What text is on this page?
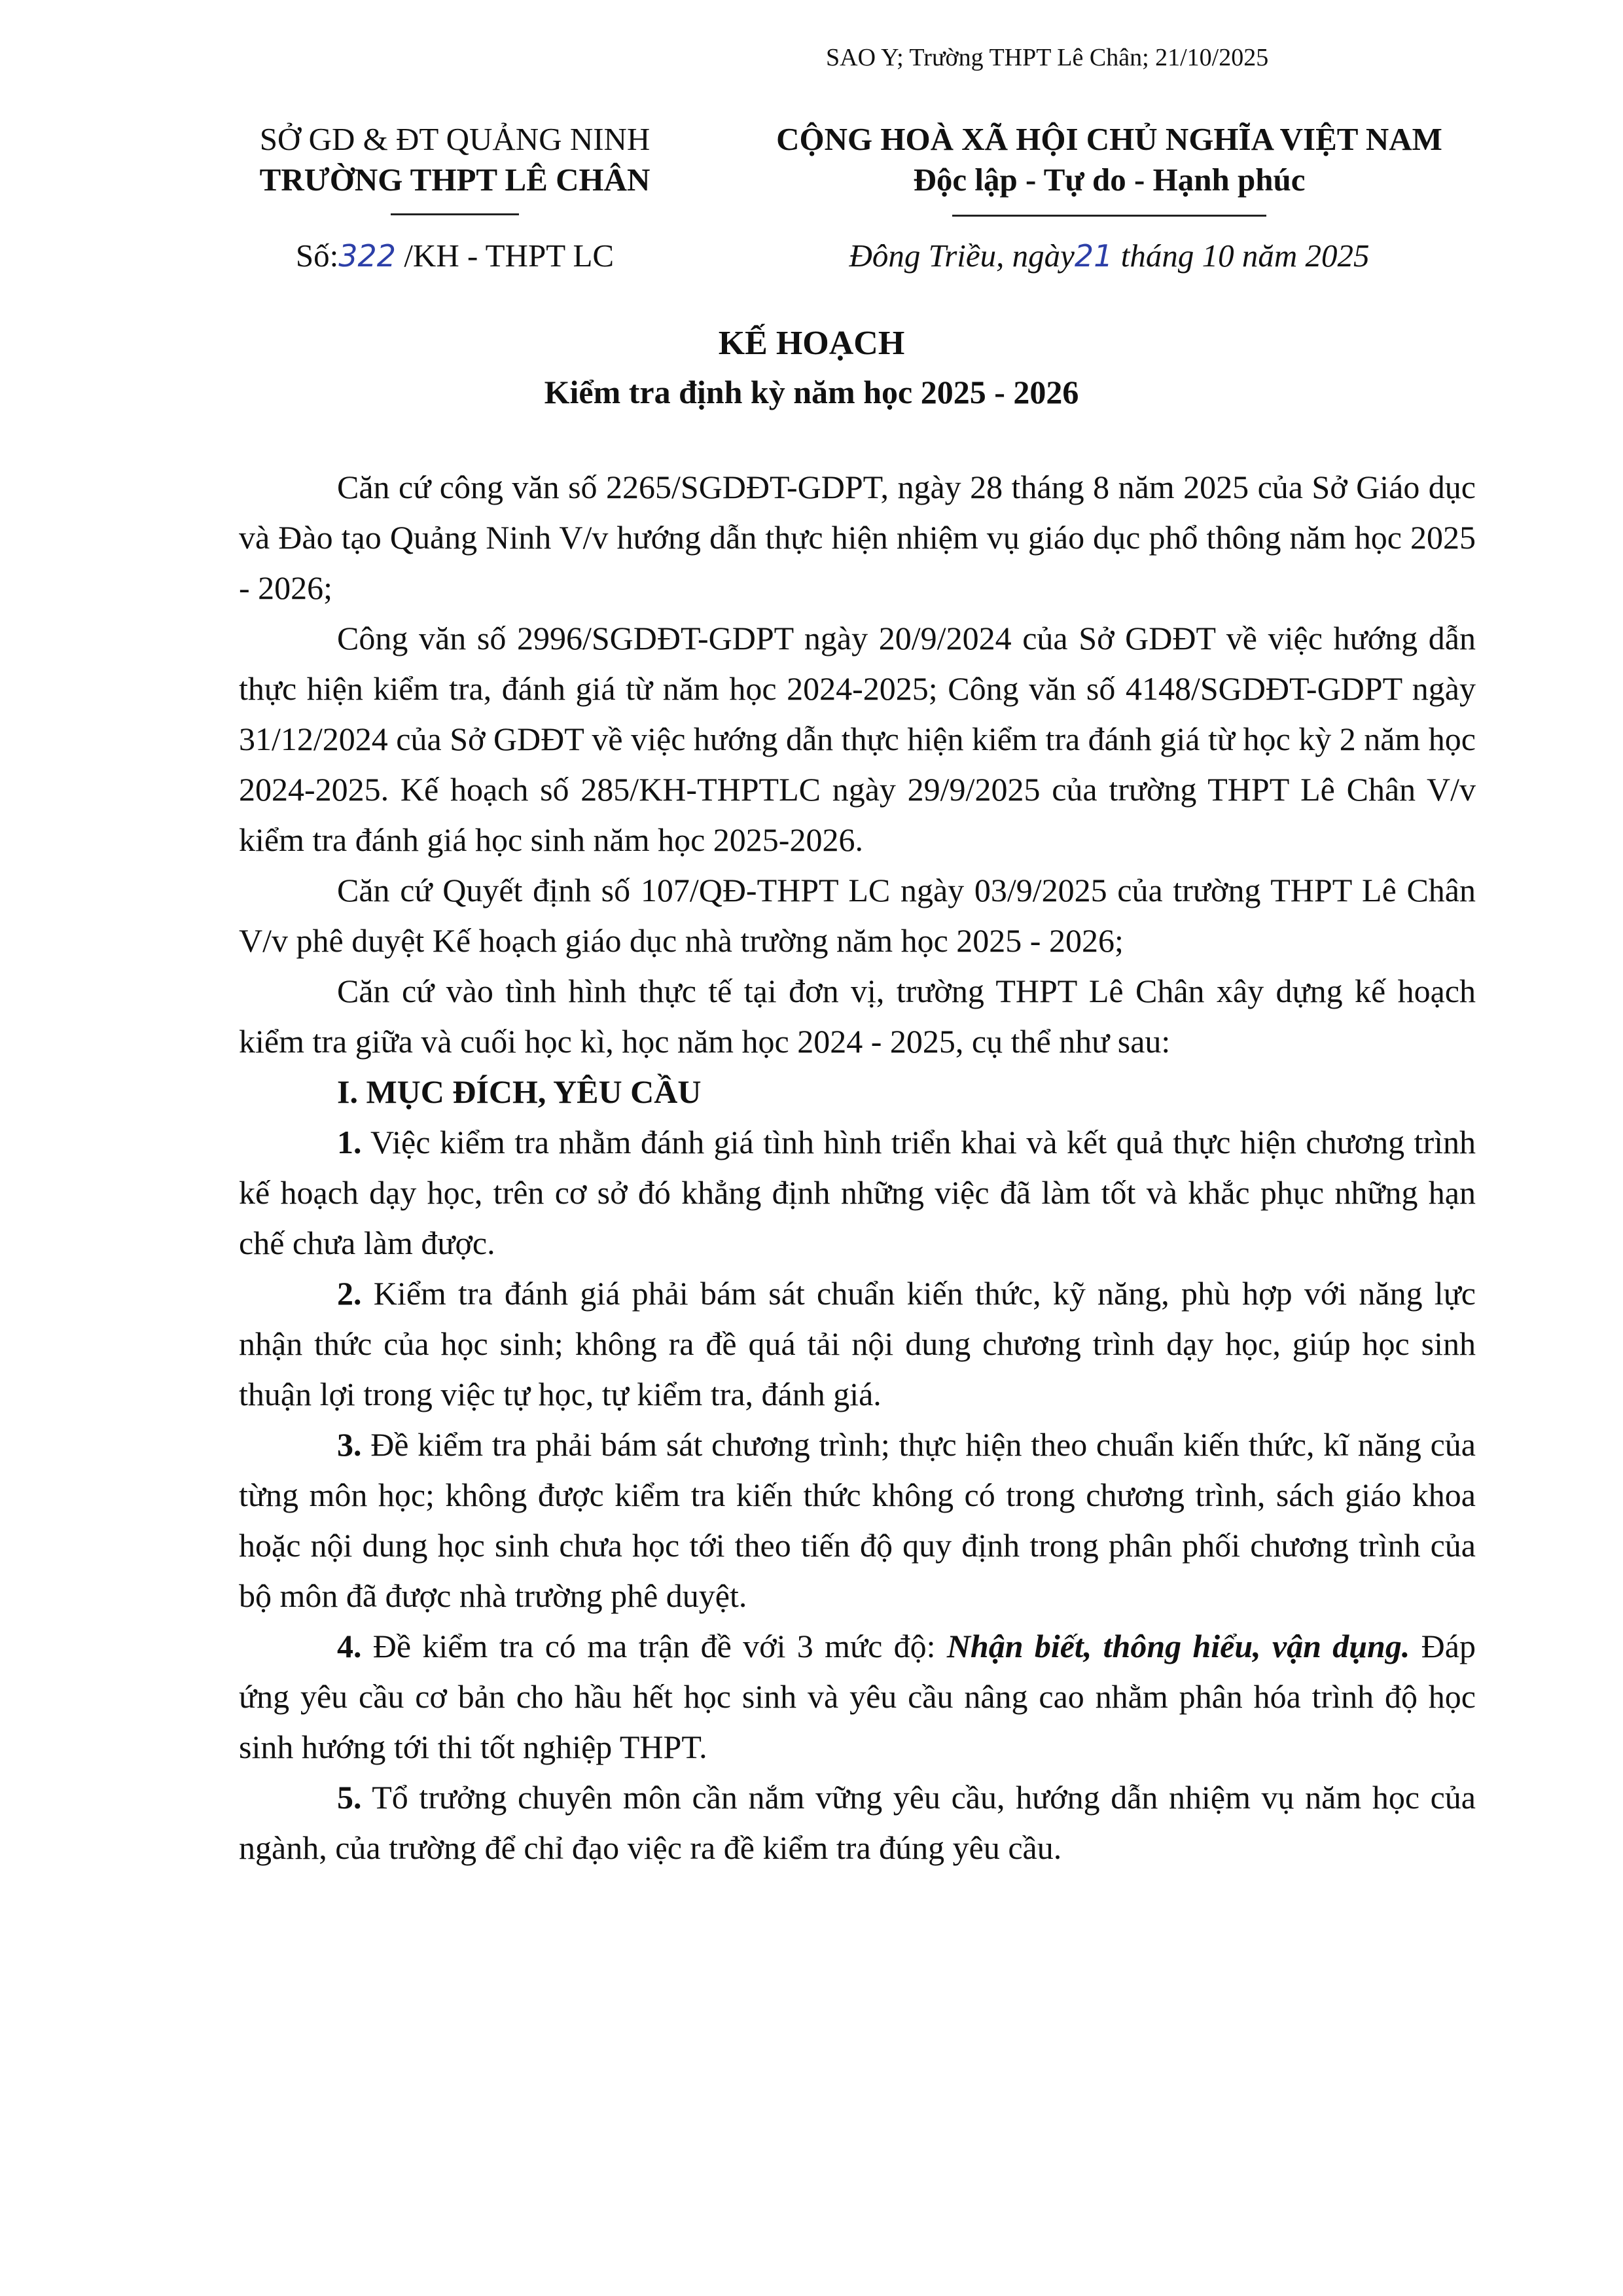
SAO Y; Trường THPT Lê Chân; 21/10/2025
SỞ GD & ĐT QUẢNG NINH
TRƯỜNG THPT LÊ CHÂN
CỘNG HOÀ XÃ HỘI CHỦ NGHĨA VIỆT NAM
Độc lập - Tự do - Hạnh phúc
Số:322 /KH - THPT LC	Đông Triều, ngày21 tháng 10 năm 2025
KẾ HOẠCH
Kiểm tra định kỳ năm học 2025 - 2026

Căn cứ công văn số 2265/SGDĐT-GDPT, ngày 28 tháng 8 năm 2025 của Sở Giáo dục và Đào tạo Quảng Ninh V/v hướng dẫn thực hiện nhiệm vụ giáo dục phổ thông năm học 2025 - 2026;

Công văn số 2996/SGDĐT-GDPT ngày 20/9/2024 của Sở GDĐT về việc hướng dẫn thực hiện kiểm tra, đánh giá từ năm học 2024-2025; Công văn số 4148/SGDĐT-GDPT ngày 31/12/2024 của Sở GDĐT về việc hướng dẫn thực hiện kiểm tra đánh giá từ học kỳ 2 năm học 2024-2025. Kế hoạch số 285/KH-THPTLC ngày 29/9/2025 của trường THPT Lê Chân V/v kiểm tra đánh giá học sinh năm học 2025-2026.

Căn cứ Quyết định số 107/QĐ-THPT LC ngày 03/9/2025 của trường THPT Lê Chân V/v phê duyệt Kế hoạch giáo dục nhà trường năm học 2025 - 2026;

Căn cứ vào tình hình thực tế tại đơn vị, trường THPT Lê Chân xây dựng kế hoạch kiểm tra giữa và cuối học kì, học năm học 2024 - 2025, cụ thể như sau:

I. MỤC ĐÍCH, YÊU CẦU

1. Việc kiểm tra nhằm đánh giá tình hình triển khai và kết quả thực hiện chương trình kế hoạch dạy học, trên cơ sở đó khẳng định những việc đã làm tốt và khắc phục những hạn chế chưa làm được.

2. Kiểm tra đánh giá phải bám sát chuẩn kiến thức, kỹ năng, phù hợp với năng lực nhận thức của học sinh; không ra đề quá tải nội dung chương trình dạy học, giúp học sinh thuận lợi trong việc tự học, tự kiểm tra, đánh giá.

3. Đề kiểm tra phải bám sát chương trình; thực hiện theo chuẩn kiến thức, kĩ năng của từng môn học; không được kiểm tra kiến thức không có trong chương trình, sách giáo khoa hoặc nội dung học sinh chưa học tới theo tiến độ quy định trong phân phối chương trình của bộ môn đã được nhà trường phê duyệt.

4. Đề kiểm tra có ma trận đề với 3 mức độ: Nhận biết, thông hiểu, vận dụng. Đáp ứng yêu cầu cơ bản cho hầu hết học sinh và yêu cầu nâng cao nhằm phân hóa trình độ học sinh hướng tới thi tốt nghiệp THPT.

5. Tổ trưởng chuyên môn cần nắm vững yêu cầu, hướng dẫn nhiệm vụ năm học của ngành, của trường để chỉ đạo việc ra đề kiểm tra đúng yêu cầu.
